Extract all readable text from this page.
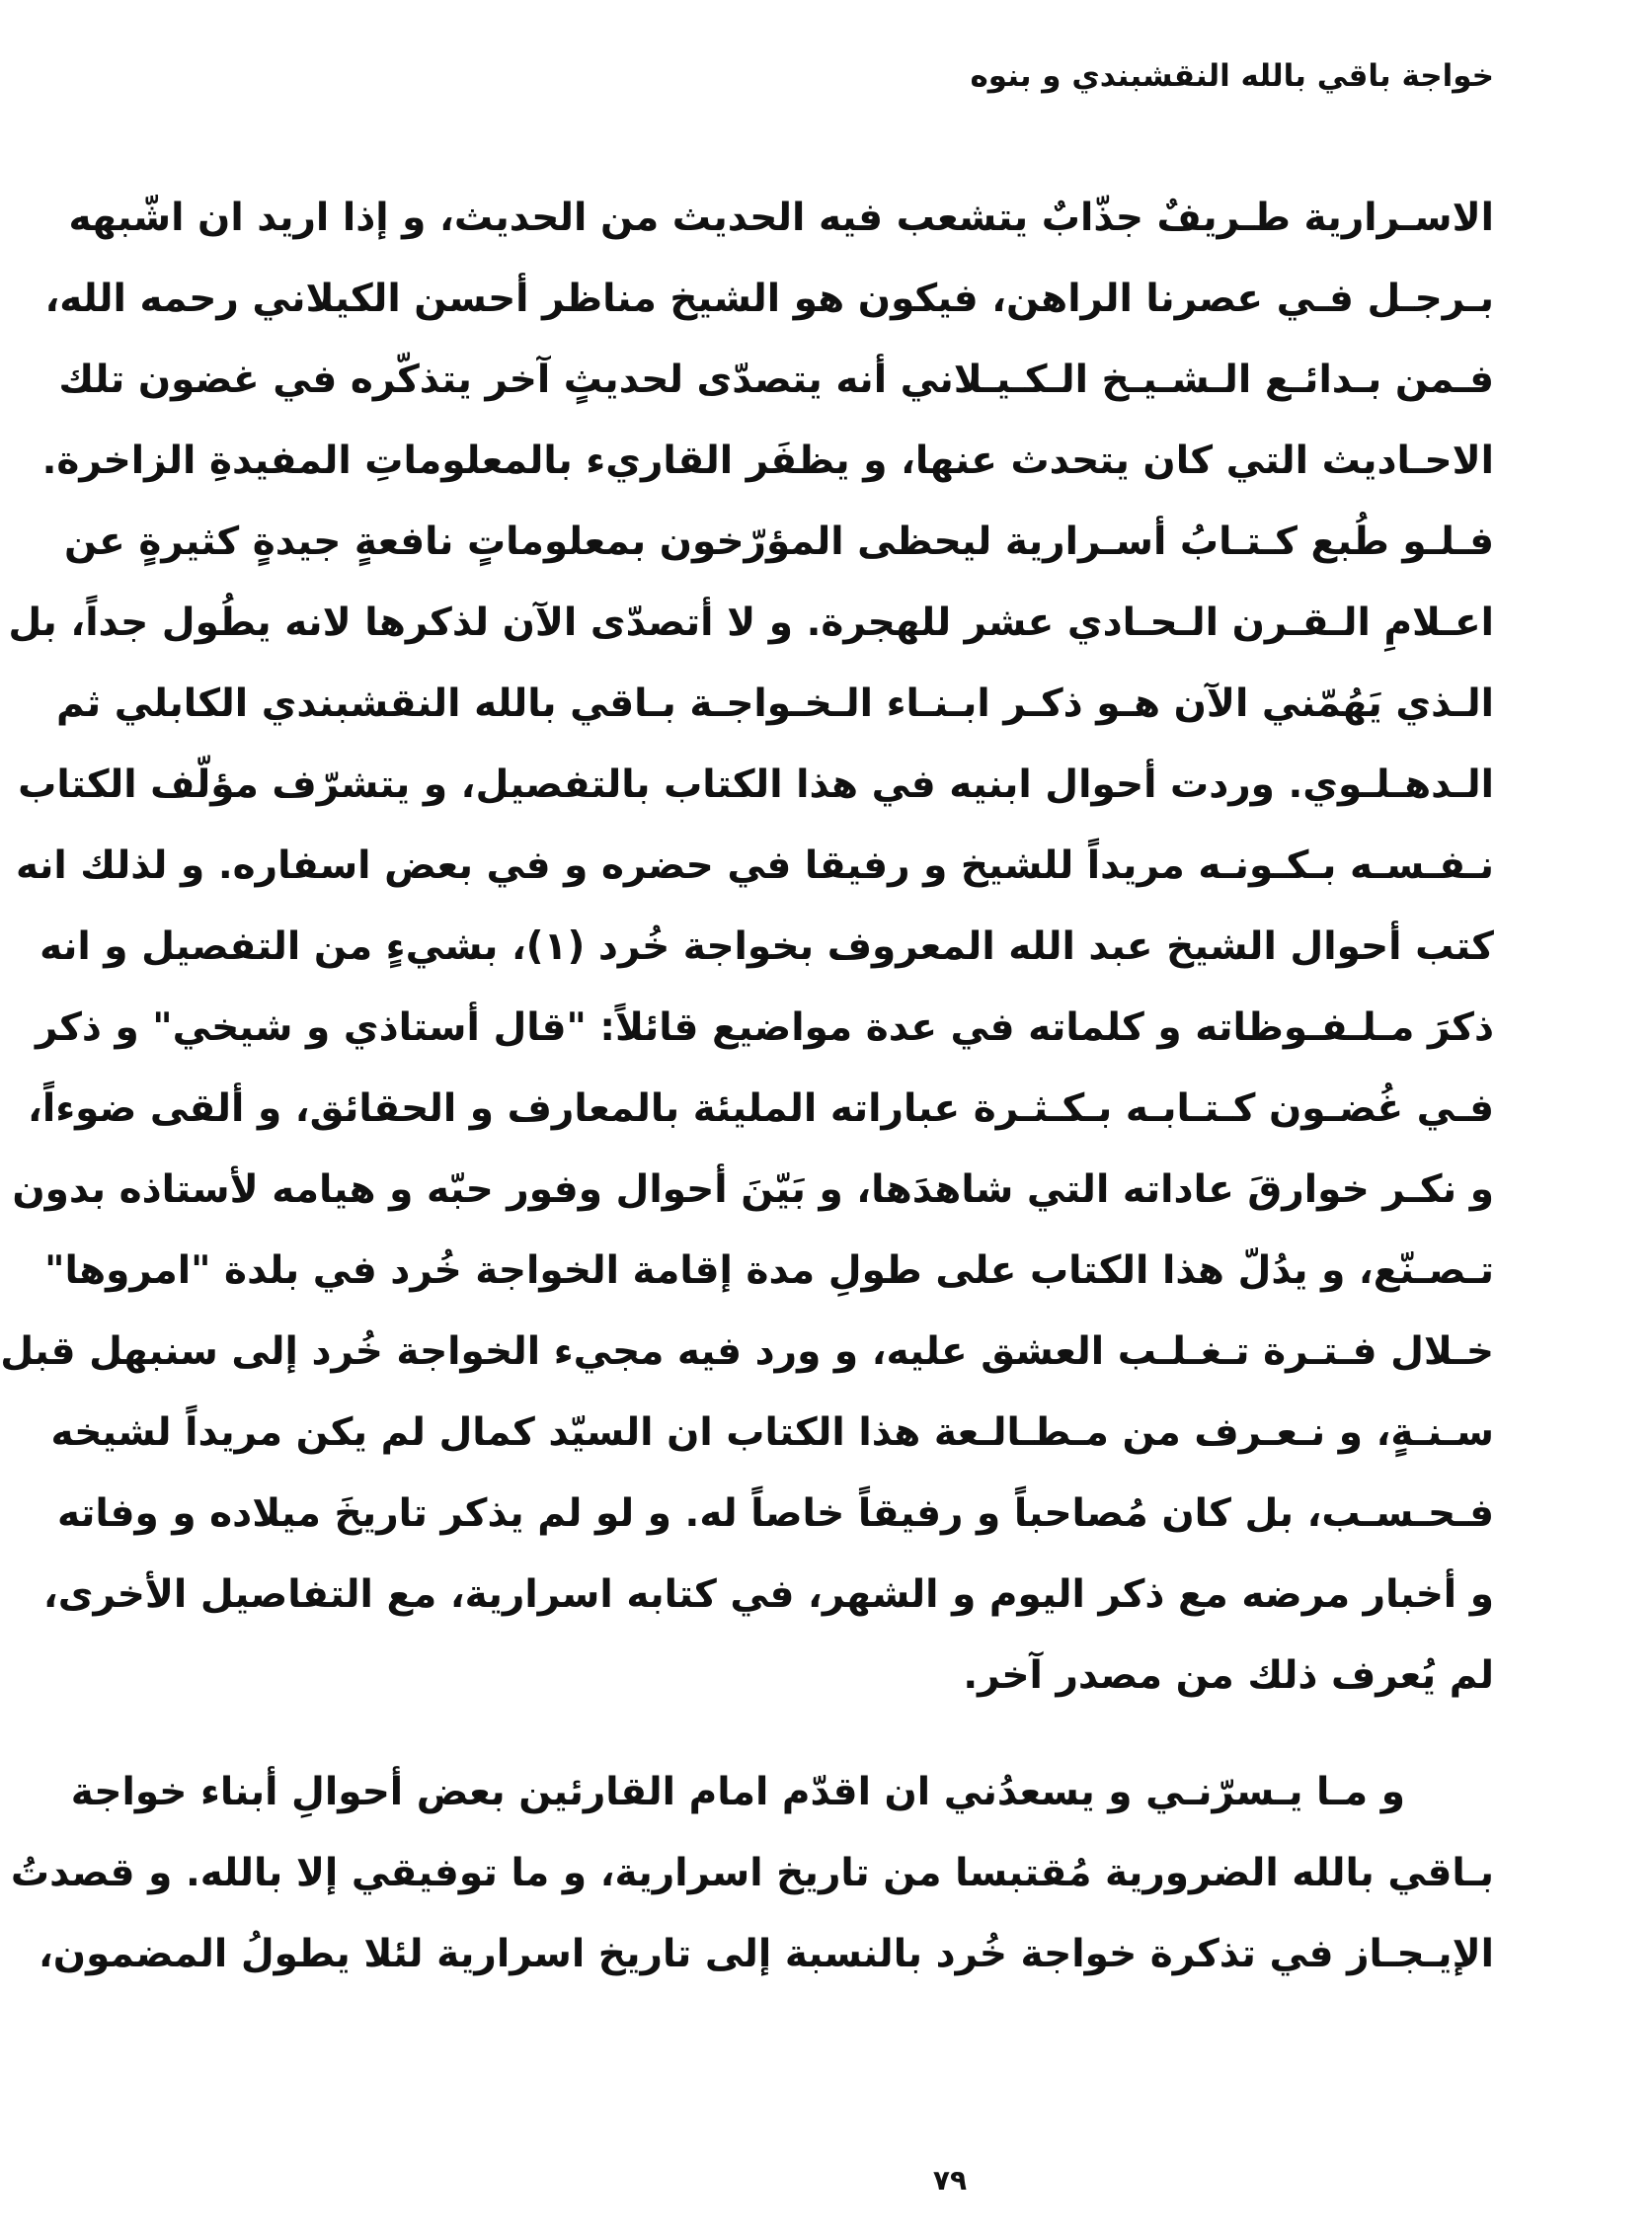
خواجة باقي بالله النقشبندي و بنوه
الاسـرارية طـريفٌ جذّابٌ يتشعب فيه الحديث من الحديث، و إذا اريد ان اشّبهه
بـرجـل فـي عصرنا الراهن، فيكون هو الشيخ مناظر أحسن الكيلاني رحمه الله،
فـمن بـدائـع الـشـيـخ الـكـيـلاني أنه يتصدّى لحديثٍ آخر يتذكّره في غضون تلك
الاحـاديث التي كان يتحدث عنها، و يظفَر القاريء بالمعلوماتِ المفيدةِ الزاخرة.
فـلـو طُبع كـتـابُ أسـرارية ليحظى المؤرّخون بمعلوماتٍ نافعةٍ جيدةٍ كثيرةٍ عن
اعـلامِ الـقـرن الـحـادي عشر للهجرة. و لا أتصدّى الآن لذكرها لانه يطُول جداً، بل
الـذي يَهُمّني الآن هـو ذكـر ابـنـاء الـخـواجـة بـاقي بالله النقشبندي الكابلي ثم
الـدهـلـوي. وردت أحوال ابنيه في هذا الكتاب بالتفصيل، و يتشرّف مؤلّف الكتاب
نـفـسـه بـكـونـه مريداً للشيخ و رفيقا في حضره و في بعض اسفاره. و لذلك انه
كتب أحوال الشيخ عبد الله المعروف بخواجة خُرد (١)، بشيءٍ من التفصيل و انه
ذكرَ مـلـفـوظاته و كلماته في عدة مواضيع قائلاً: "قال أستاذي و شيخي" و ذكر
فـي غُضـون كـتـابـه بـكـثـرة عباراته المليئة بالمعارف و الحقائق، و ألقى ضوءاً،
و نكـر خوارقَ عاداته التي شاهدَها، و بَيّنَ أحوال وفور حبّه و هيامه لأستاذه بدون
تـصـنّع، و يدُلّ هذا الكتاب على طولِ مدة إقامة الخواجة خُرد في بلدة "امروها"
خـلال فـتـرة تـغـلـب العشق عليه، و ورد فيه مجيء الخواجة خُرد إلى سنبهل قبل
سـنـةٍ، و نـعـرف من مـطـالـعة هذا الكتاب ان السيّد كمال لم يكن مريداً لشيخه
فـحـسـب، بل كان مُصاحباً و رفيقاً خاصاً له. و لو لم يذكر تاريخَ ميلاده و وفاته
و أخبار مرضه مع ذكر اليوم و الشهر، في كتابه اسرارية، مع التفاصيل الأخرى،
لم يُعرف ذلك من مصدر آخر.
و مـا يـسرّنـي و يسعدُني ان اقدّم امام القارئين بعض أحوالِ أبناء خواجة
بـاقي بالله الضرورية مُقتبسا من تاريخ اسرارية، و ما توفيقي إلا بالله. و قصدتُ
الإيـجـاز في تذكرة خواجة خُرد بالنسبة إلى تاريخ اسرارية لئلا يطولُ المضمون،
٧٩
